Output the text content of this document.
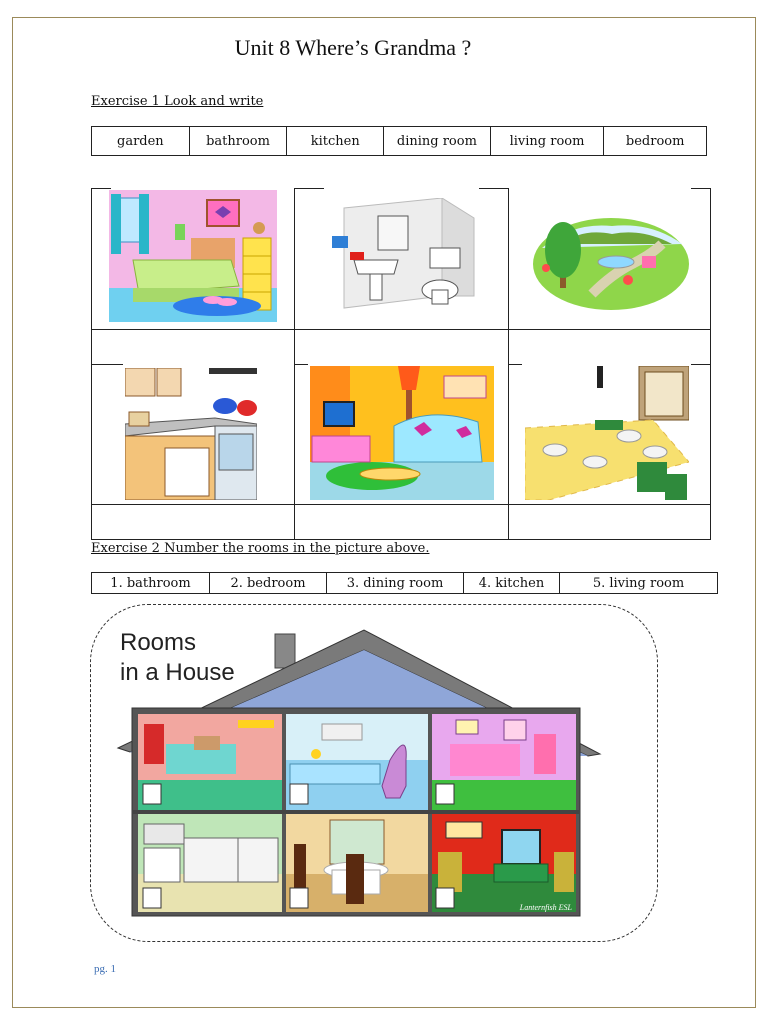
Unit 8 Where’s Grandma ?
Exercise 1 Look and write
garden	bathroom	kitchen	dining room	living room	bedroom
Exercise 2 Number the rooms in the picture above.
1. bathroom	2. bedroom	3. dining room	4. kitchen	5. living room
Rooms
in a House
Lanternfish ESL
pg. 1
